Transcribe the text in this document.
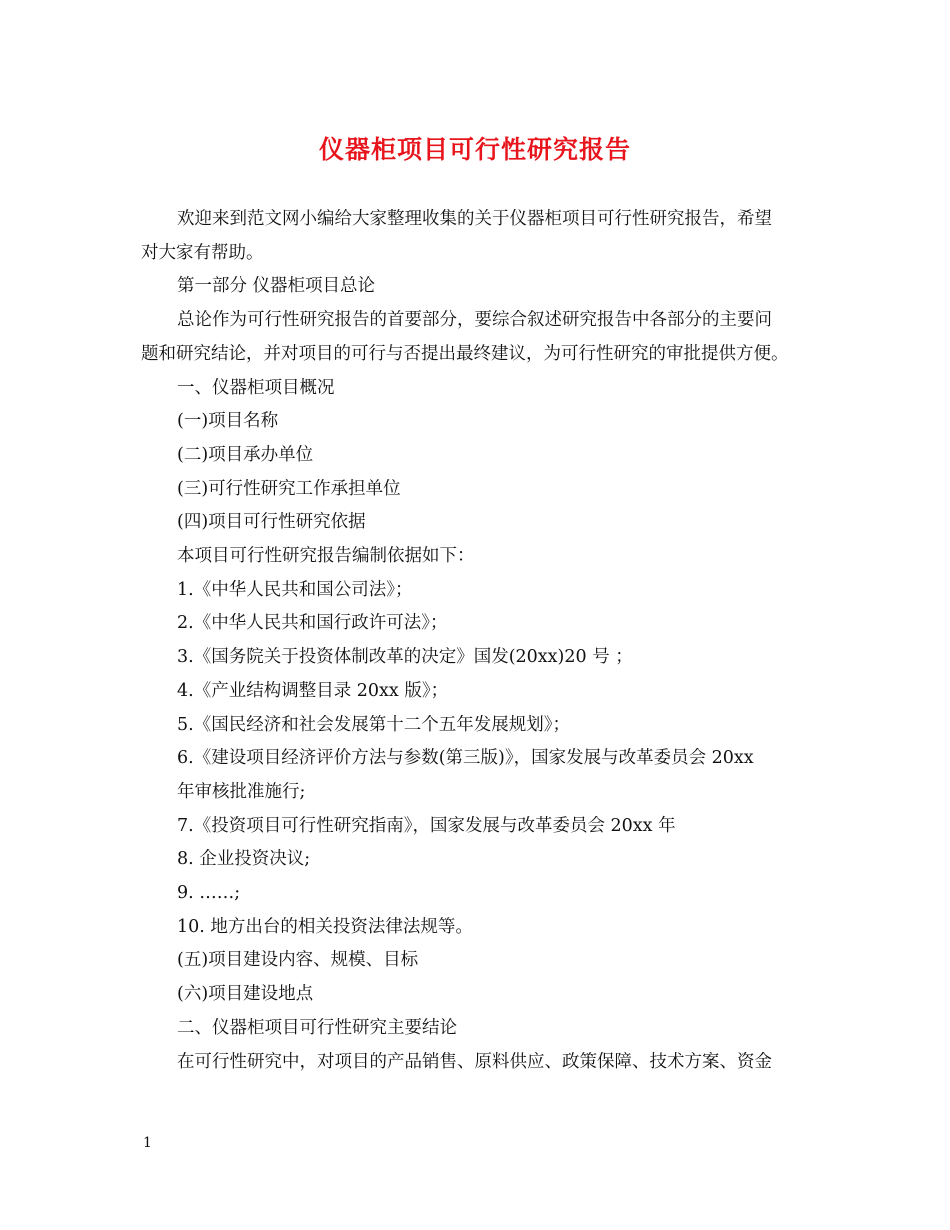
仪器柜项目可行性研究报告

欢迎来到范文网小编给大家整理收集的关于仪器柜项目可行性研究报告，希望

对大家有帮助。

第一部分 仪器柜项目总论

总论作为可行性研究报告的首要部分，要综合叙述研究报告中各部分的主要问

题和研究结论，并对项目的可行与否提出最终建议，为可行性研究的审批提供方便。

一、仪器柜项目概况

(一)项目名称

(二)项目承办单位

(三)可行性研究工作承担单位

(四)项目可行性研究依据

本项目可行性研究报告编制依据如下：

1.《中华人民共和国公司法》；

2.《中华人民共和国行政许可法》；

3.《国务院关于投资体制改革的决定》国发(20xx)20 号 ；

4.《产业结构调整目录 20xx 版》；

5.《国民经济和社会发展第十二个五年发展规划》；

6.《建设项目经济评价方法与参数(第三版)》，国家发展与改革委员会 20xx

年审核批准施行;

7.《投资项目可行性研究指南》，国家发展与改革委员会 20xx 年

8. 企业投资决议;

9. ……;

10. 地方出台的相关投资法律法规等。

(五)项目建设内容、规模、目标

(六)项目建设地点

二、仪器柜项目可行性研究主要结论

在可行性研究中，对项目的产品销售、原料供应、政策保障、技术方案、资金

1
